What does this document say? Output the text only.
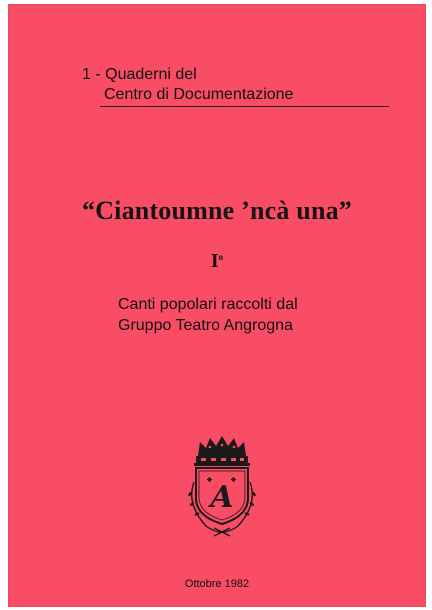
1 - Quaderni del
Centro di Documentazione
“Ciantoumne ’ncà una”
$I^o$
Canti popolari raccolti dal
Gruppo Teatro Angrogna
A
Ottobre 1982
